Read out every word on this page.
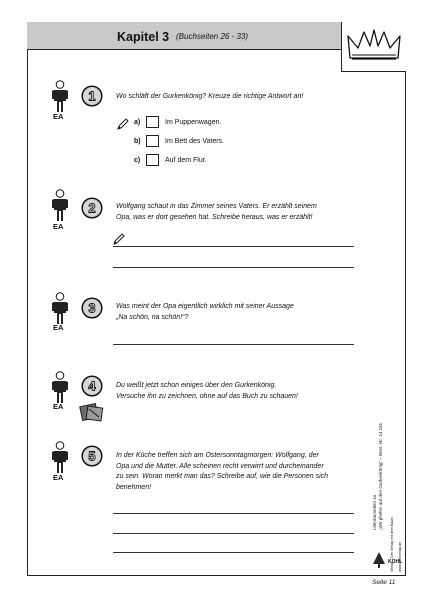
Kapitel 3 (Buchseiten 26 - 33)
EA
1	Wo schläft der Gurkenkönig? Kreuze die richtige Antwort an!
a)	Im Puppenwagen.
b)	Im Bett des Vaters.
c)	Auf dem Flur.
EA
2	Wolfgang schaut in das Zimmer seines Vaters. Er erzählt seinem
Opa, was er dort gesehen hat. Schreibe heraus, was er erzählt!
EA
3	Was meint der Opa eigentlich wirklich mit seiner Aussage
„Na schön, na schön!“?
EA
4	Du weißt jetzt schon einiges über den Gurkenkönig.
Versuche ihn zu zeichnen, ohne auf das Buch zu schauen!
EA
5	In der Küche treffen sich am Ostersonntagmorgen: Wolfgang, der
Opa und die Mutter. Alle scheinen recht verwirrt und durcheinander
zu sein. Woran merkt man das? Schreibe auf, wie die Personen sich
benehmen!
Literaturseiten zu „Wir pfeifen auf den Gurkenkönig“ – Best.-Nr. 14 181
KOHL
Verlag – Der Verlag mit dem Baum www.kohlverlag.de
Seite 11
